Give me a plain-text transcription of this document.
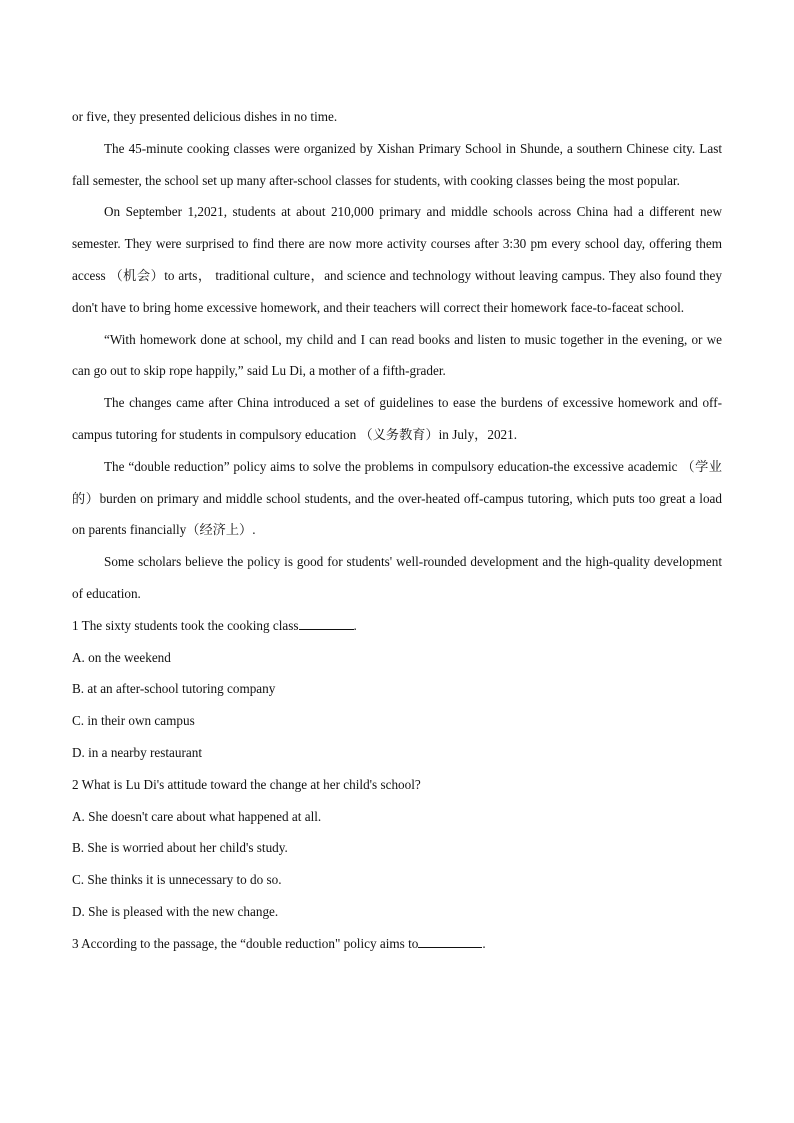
or five, they presented delicious dishes in no time.

The 45-minute cooking classes were organized by Xishan Primary School in Shunde, a southern Chinese city. Last fall semester, the school set up many after-school classes for students, with cooking classes being the most popular.

On September 1,2021, students at about 210,000 primary and middle schools across China had a different new semester. They were surprised to find there are now more activity courses after 3:30 pm every school day, offering them access （机会）to arts， traditional culture，and science and technology without leaving campus. They also found they don't have to bring home excessive homework, and their teachers will correct their homework face-to-faceat school.

“With homework done at school, my child and I can read books and listen to music together in the evening, or we can go out to skip rope happily,” said Lu Di, a mother of a fifth-grader.

The changes came after China introduced a set of guidelines to ease the burdens of excessive homework and off-campus tutoring for students in compulsory education （义务教育）in July，2021.

The “double reduction” policy aims to solve the problems in compulsory education-the excessive academic （学业的）burden on primary and middle school students, and the over-heated off-campus tutoring, which puts too great a load on parents financially（经济上）.

Some scholars believe the policy is good for students' well-rounded development and the high-quality development of education.

1 The sixty students took the cooking class	.

A. on the weekend

B. at an after-school tutoring company

C. in their own campus

D. in a nearby restaurant

2 What is Lu Di's attitude toward the change at her child's school?

A. She doesn't care about what happened at all.

B. She is worried about her child's study.

C. She thinks it is unnecessary to do so.

D. She is pleased with the new change.

3 According to the passage, the “double reduction" policy aims to	.
